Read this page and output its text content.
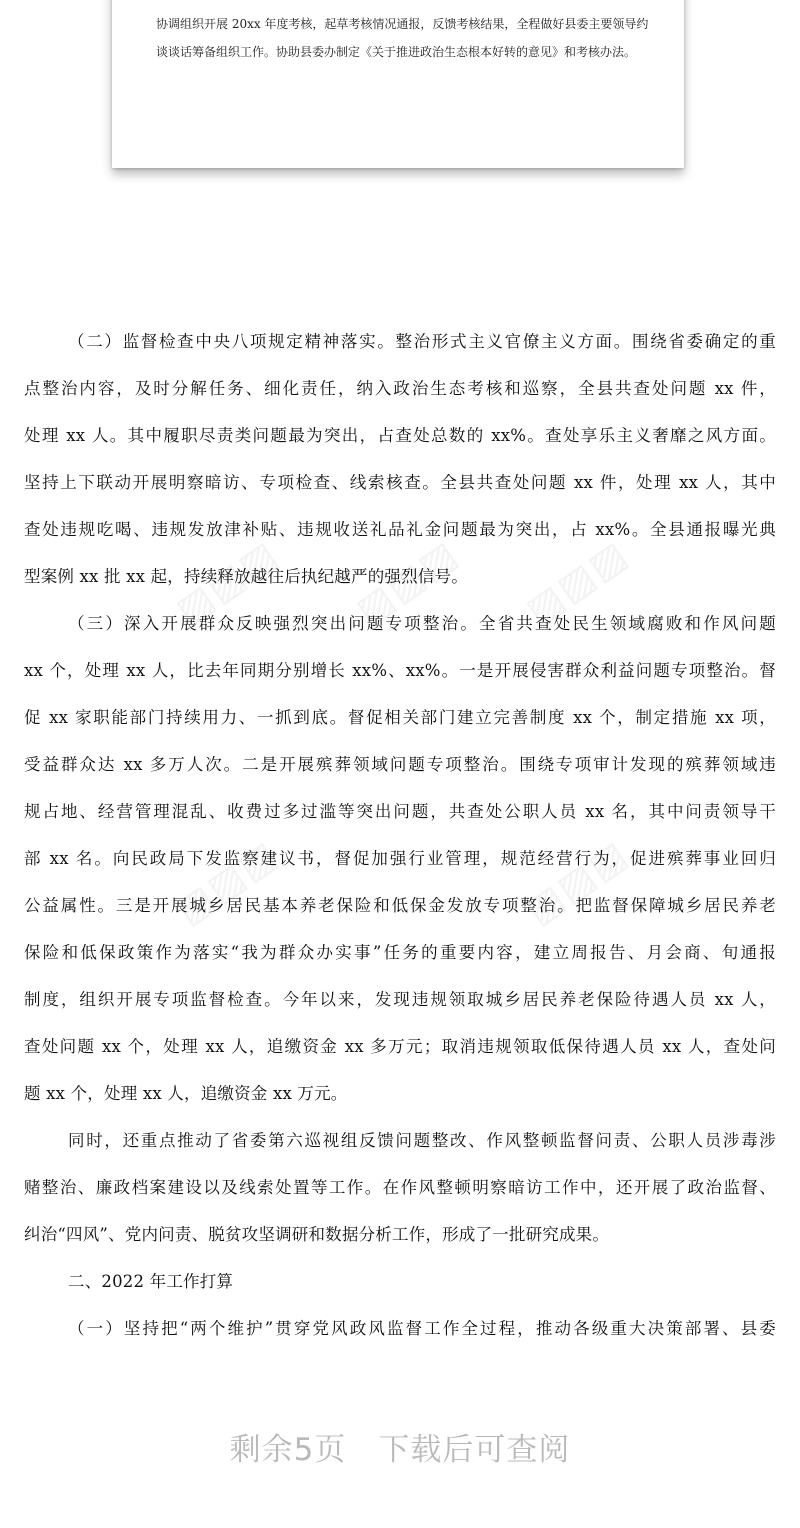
协调组织开展 20xx 年度考核，起草考核情况通报，反馈考核结果，全程做好县委主要领导约

谈谈话筹备组织工作。协助县委办制定《关于推进政治生态根本好转的意见》和考核办法。

▨▨▨ ▨▨▨ ▨▨▨
▨▨▨	▨▨▨
（二）监督检查中央八项规定精神落实。整治形式主义官僚主义方面。围绕省委确定的重
点整治内容，及时分解任务、细化责任，纳入政治生态考核和巡察，全县共查处问题 xx 件，
处理 xx 人。其中履职尽责类问题最为突出，占查处总数的 xx%。查处享乐主义奢靡之风方面。
坚持上下联动开展明察暗访、专项检查、线索核查。全县共查处问题 xx 件，处理 xx 人，其中
查处违规吃喝、违规发放津补贴、违规收送礼品礼金问题最为突出，占 xx%。全县通报曝光典
型案例 xx 批 xx 起，持续释放越往后执纪越严的强烈信号。
（三）深入开展群众反映强烈突出问题专项整治。全省共查处民生领域腐败和作风问题
xx 个，处理 xx 人，比去年同期分别增长 xx%、xx%。一是开展侵害群众利益问题专项整治。督
促 xx 家职能部门持续用力、一抓到底。督促相关部门建立完善制度 xx 个，制定措施 xx 项，
受益群众达 xx 多万人次。二是开展殡葬领域问题专项整治。围绕专项审计发现的殡葬领域违
规占地、经营管理混乱、收费过多过滥等突出问题，共查处公职人员 xx 名，其中问责领导干
部 xx 名。向民政局下发监察建议书，督促加强行业管理，规范经营行为，促进殡葬事业回归
公益属性。三是开展城乡居民基本养老保险和低保金发放专项整治。把监督保障城乡居民养老
保险和低保政策作为落实“我为群众办实事”任务的重要内容，建立周报告、月会商、旬通报
制度，组织开展专项监督检查。今年以来，发现违规领取城乡居民养老保险待遇人员 xx 人，
查处问题 xx 个，处理 xx 人，追缴资金 xx 多万元；取消违规领取低保待遇人员 xx 人，查处问
题 xx 个，处理 xx 人，追缴资金 xx 万元。
同时，还重点推动了省委第六巡视组反馈问题整改、作风整顿监督问责、公职人员涉毒涉
赌整治、廉政档案建设以及线索处置等工作。在作风整顿明察暗访工作中，还开展了政治监督、
纠治“四风”、党内问责、脱贫攻坚调研和数据分析工作，形成了一批研究成果。
二、2022 年工作打算
（一）坚持把“两个维护”贯穿党风政风监督工作全过程，推动各级重大决策部署、县委
剩余5页　下载后可查阅
